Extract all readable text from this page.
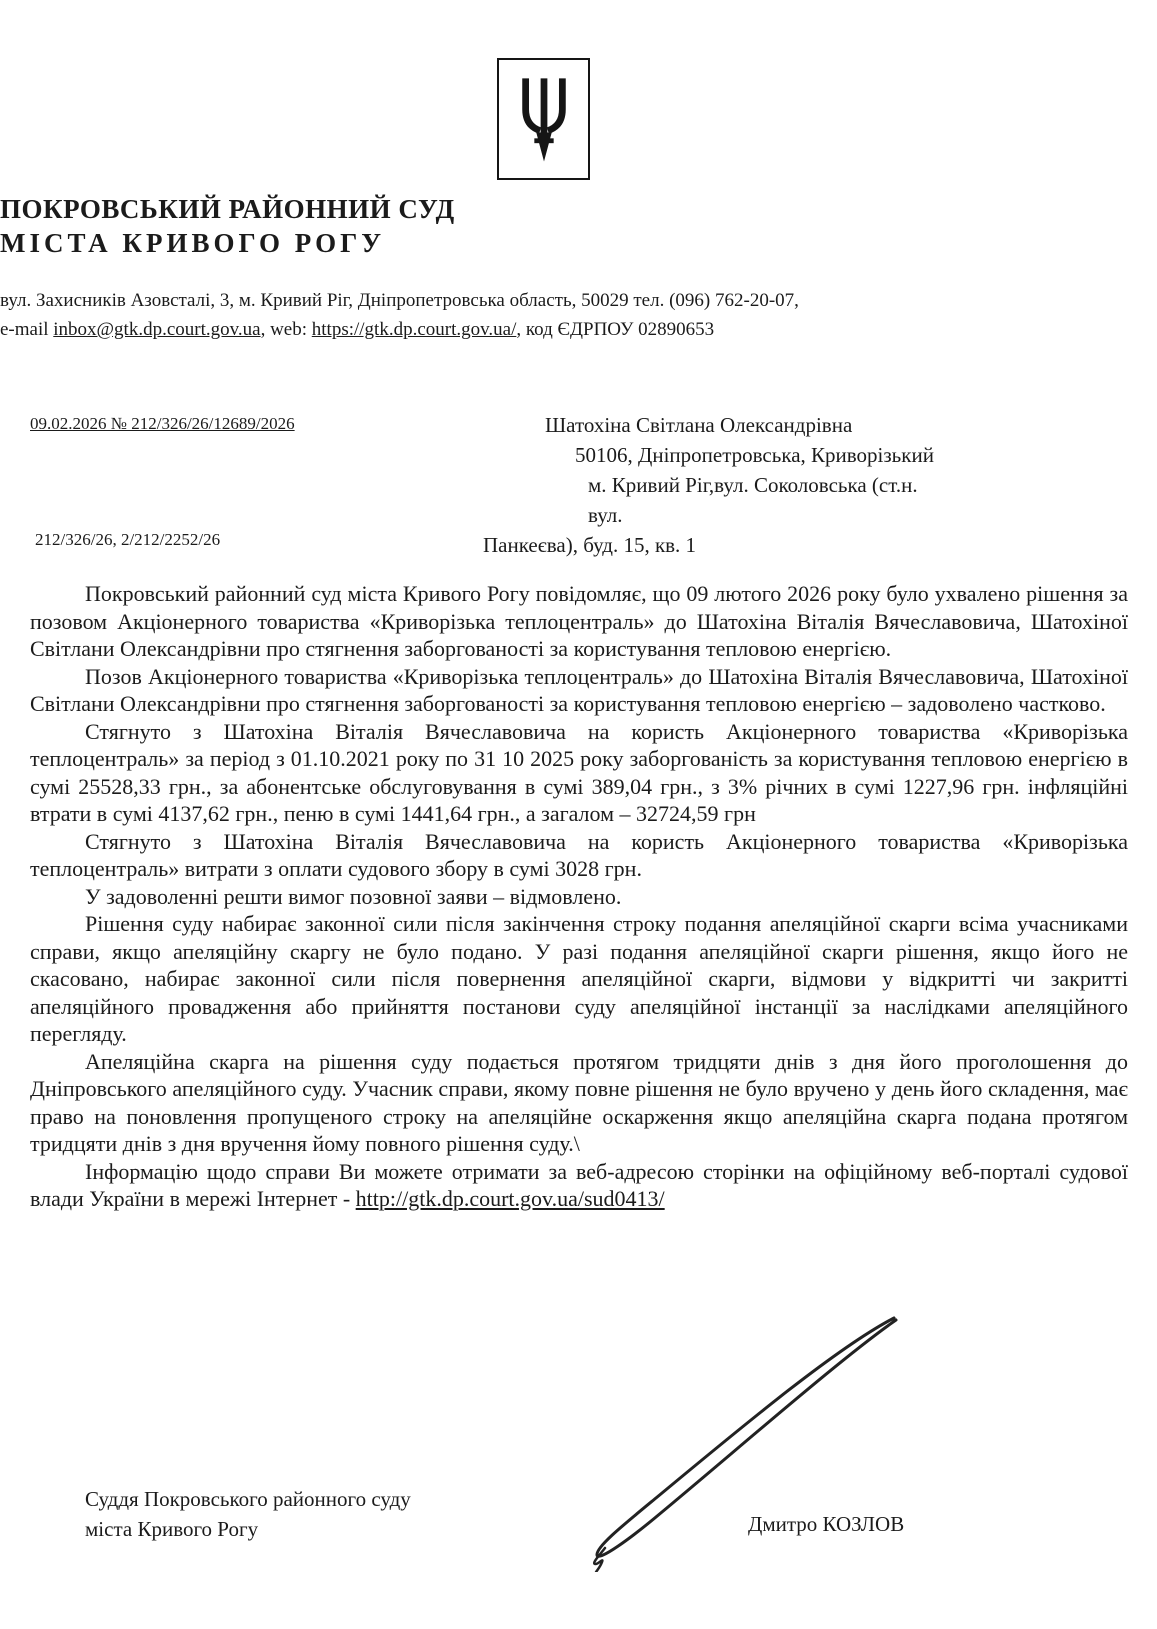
ПОКРОВСЬКИЙ РАЙОННИЙ СУД
МІСТА КРИВОГО РОГУ
вул. Захисників Азовсталі, 3, м. Кривий Ріг, Дніпропетровська область, 50029 тел. (096) 762-20-07,
e-mail inbox@gtk.dp.court.gov.ua, web: https://gtk.dp.court.gov.ua/, код ЄДРПОУ 02890653
09.02.2026 № 212/326/26/12689/2026	Шатохіна Світлана Олександрівна
50106, Дніпропетровська, Криворізький
м. Кривий Ріг,вул. Соколовська (ст.н. вул.
Панкеєва), буд. 15, кв. 1
212/326/26, 2/212/2252/26

Покровський районний суд міста Кривого Рогу повідомляє, що 09 лютого 2026 року було ухвалено рішення за позовом Акціонерного товариства «Криворізька теплоцентраль» до Шатохіна Віталія Вячеславовича, Шатохіної Світлани Олександрівни про стягнення заборгованості за користування тепловою енергією.

Позов Акціонерного товариства «Криворізька теплоцентраль» до Шатохіна Віталія Вячеславовича, Шатохіної Світлани Олександрівни про стягнення заборгованості за користування тепловою енергією – задоволено частково.

Стягнуто з Шатохіна Віталія Вячеславовича на користь Акціонерного товариства «Криворізька теплоцентраль» за період з 01.10.2021 року по 31 10 2025 року заборгованість за користування тепловою енергією в сумі 25528,33 грн., за абонентське обслуговування в сумі 389,04 грн., з 3% річних в сумі 1227,96 грн. інфляційні втрати в сумі 4137,62 грн., пеню в сумі 1441,64 грн., а загалом – 32724,59 грн

Стягнуто з Шатохіна Віталія Вячеславовича на користь Акціонерного товариства «Криворізька теплоцентраль» витрати з оплати судового збору в сумі 3028 грн.

У задоволенні решти вимог позовної заяви – відмовлено.

Рішення суду набирає законної сили після закінчення строку подання апеляційної скарги всіма учасниками справи, якщо апеляційну скаргу не було подано. У разі подання апеляційної скарги рішення, якщо його не скасовано, набирає законної сили після повернення апеляційної скарги, відмови у відкритті чи закритті апеляційного провадження або прийняття постанови суду апеляційної інстанції за наслідками апеляційного перегляду.

Апеляційна скарга на рішення суду подається протягом тридцяти днів з дня його проголошення до Дніпровського апеляційного суду. Учасник справи, якому повне рішення не було вручено у день його складення, має право на поновлення пропущеного строку на апеляційне оскарження якщо апеляційна скарга подана протягом тридцяти днів з дня вручення йому повного рішення суду.\

Інформацію щодо справи Ви можете отримати за веб-адресою сторінки на офіційному веб-порталі судової влади України в мережі Інтернет - http://gtk.dp.court.gov.ua/sud0413/

Суддя Покровського районного суду
міста Кривого Рогу	Дмитро КОЗЛОВ
